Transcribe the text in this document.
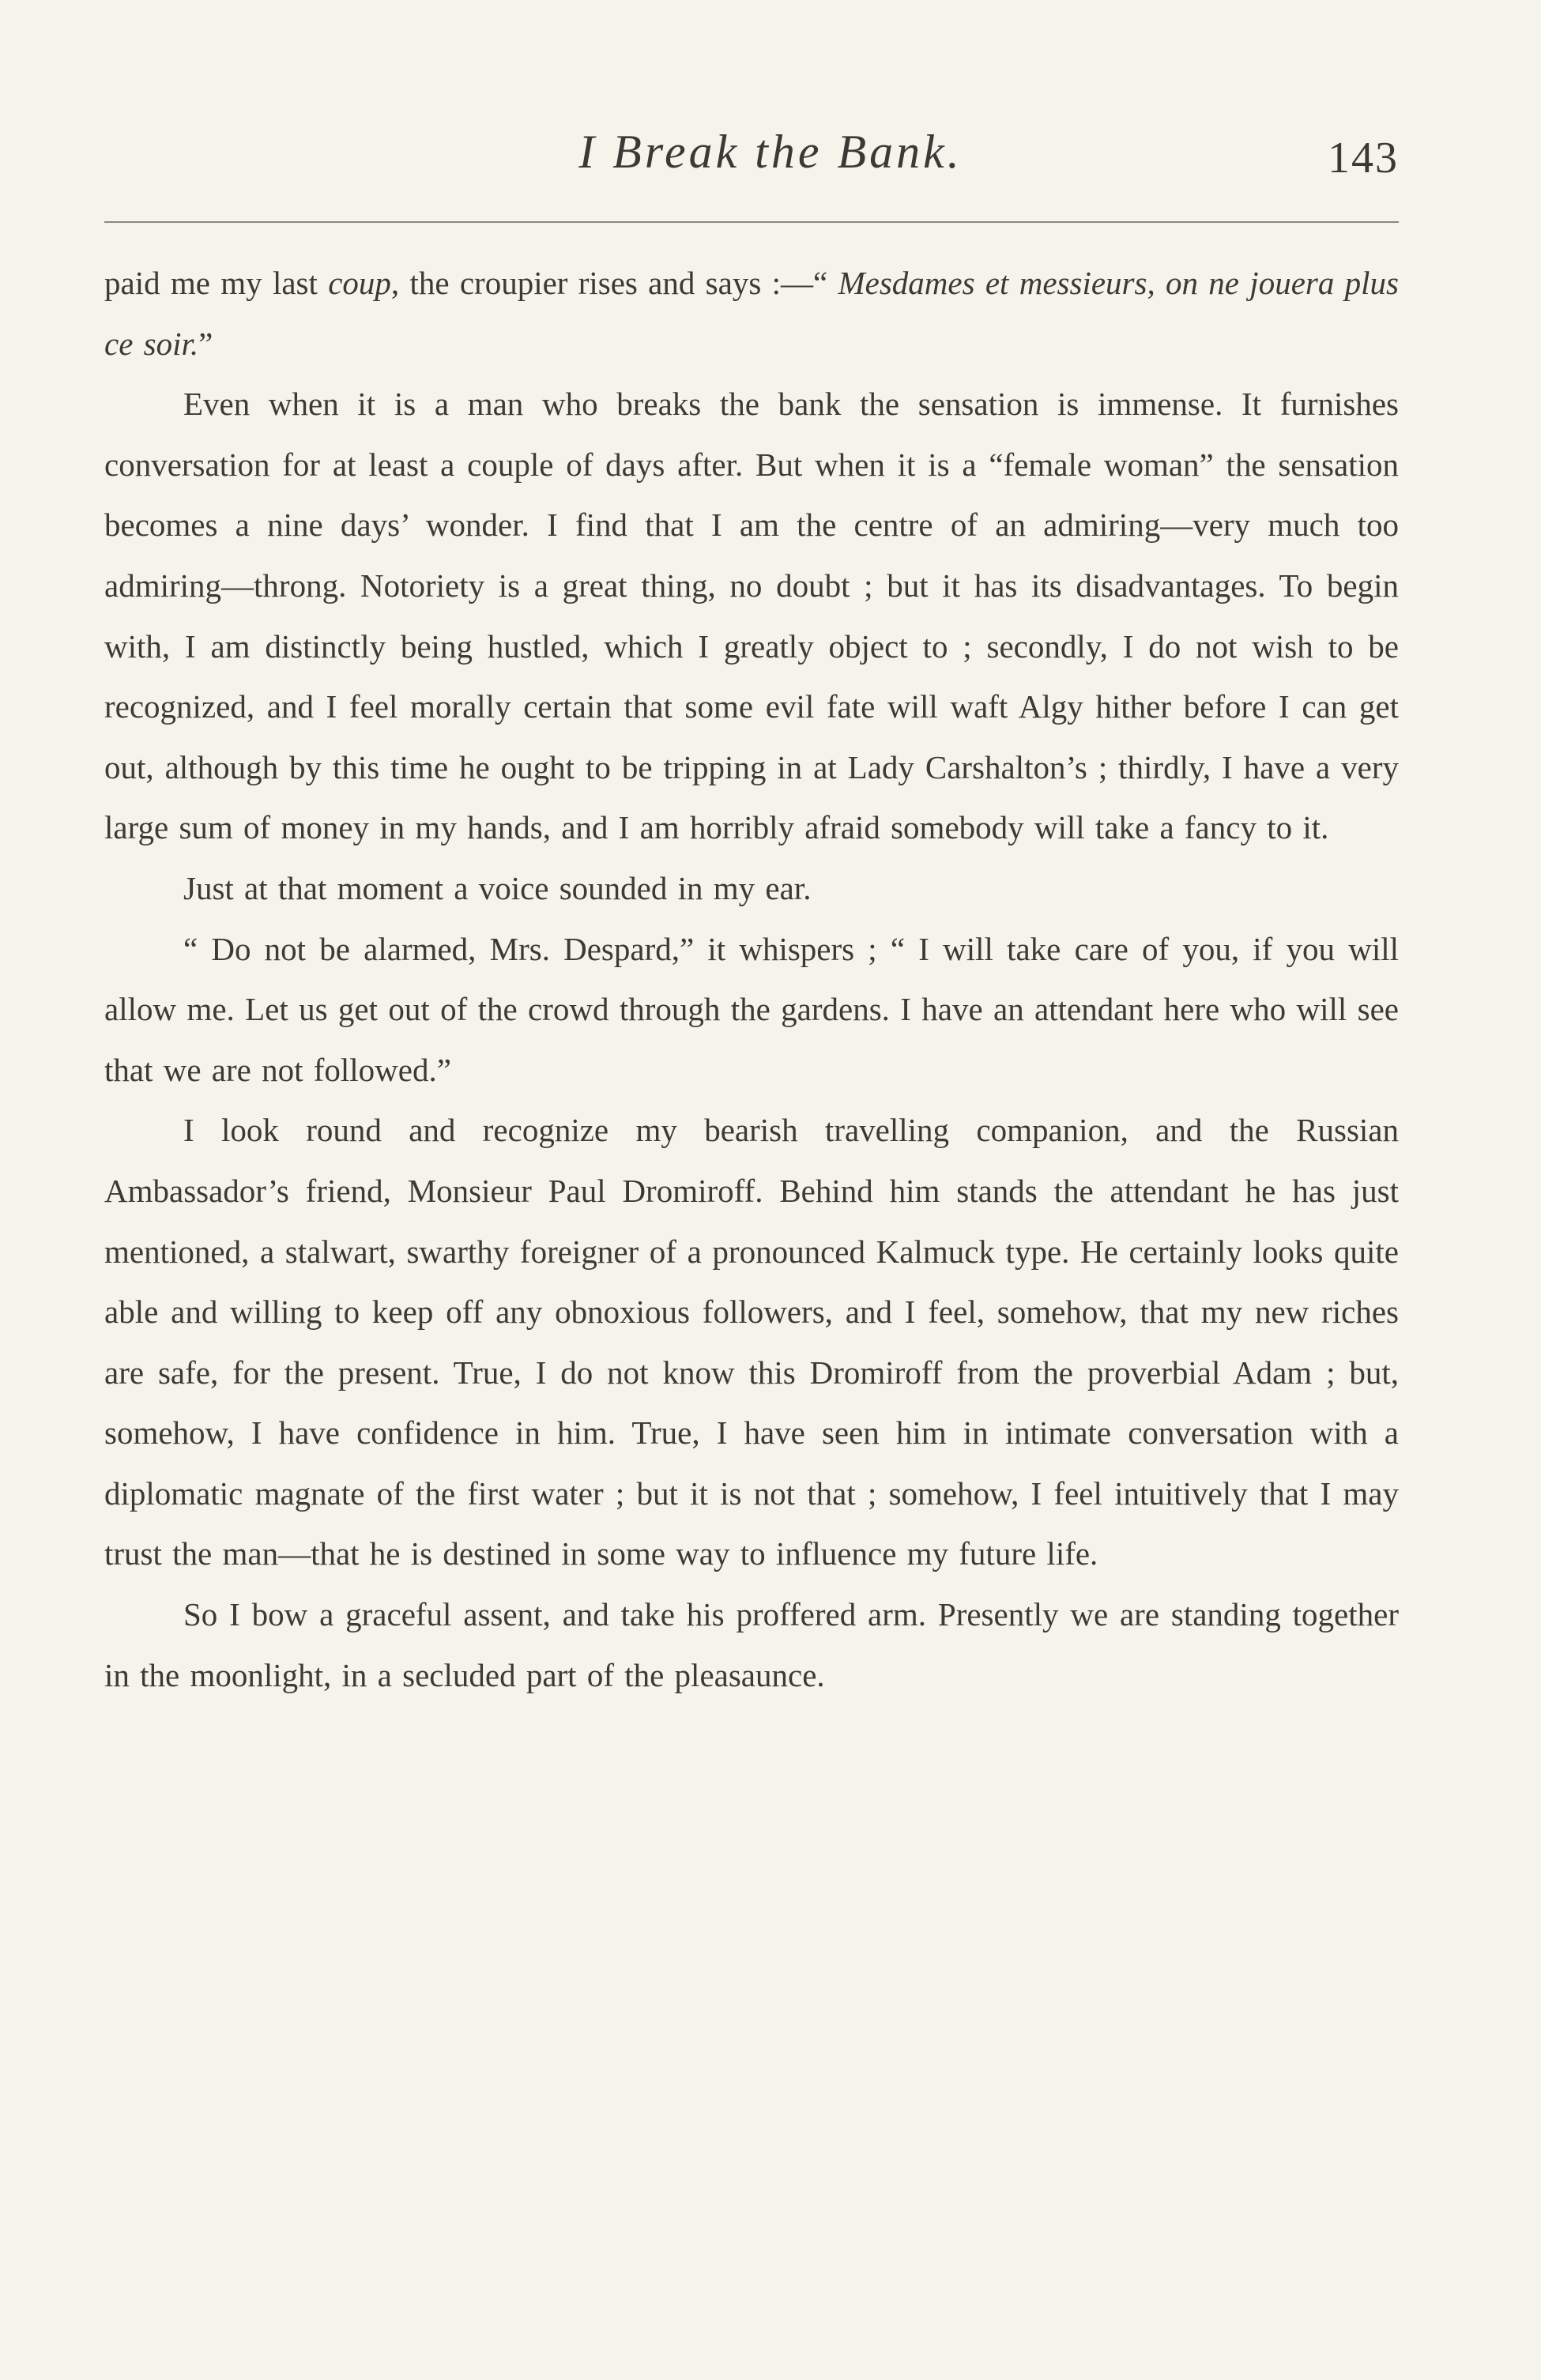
I Break the Bank.	143

paid me my last coup, the croupier rises and says :—“ Mesdames et messieurs, on ne jouera plus ce soir.”

Even when it is a man who breaks the bank the sensation is immense. It furnishes conversation for at least a couple of days after. But when it is a “female woman” the sensation becomes a nine days’ wonder. I find that I am the centre of an admiring—very much too admiring—throng. Notoriety is a great thing, no doubt ; but it has its disadvantages. To begin with, I am distinctly being hustled, which I greatly object to ; secondly, I do not wish to be recognized, and I feel morally certain that some evil fate will waft Algy hither before I can get out, although by this time he ought to be tripping in at Lady Carshalton’s ; thirdly, I have a very large sum of money in my hands, and I am horribly afraid somebody will take a fancy to it.

Just at that moment a voice sounded in my ear.

“ Do not be alarmed, Mrs. Despard,” it whispers ; “ I will take care of you, if you will allow me. Let us get out of the crowd through the gardens. I have an attendant here who will see that we are not followed.”

I look round and recognize my bearish travelling companion, and the Russian Ambassador’s friend, Monsieur Paul Dromiroff. Behind him stands the attendant he has just mentioned, a stalwart, swarthy foreigner of a pronounced Kalmuck type. He certainly looks quite able and willing to keep off any obnoxious followers, and I feel, somehow, that my new riches are safe, for the present. True, I do not know this Dromiroff from the proverbial Adam ; but, somehow, I have confidence in him. True, I have seen him in intimate conversation with a diplomatic magnate of the first water ; but it is not that ; somehow, I feel intuitively that I may trust the man—that he is destined in some way to influence my future life.

So I bow a graceful assent, and take his proffered arm. Presently we are standing together in the moonlight, in a secluded part of the pleasaunce.
